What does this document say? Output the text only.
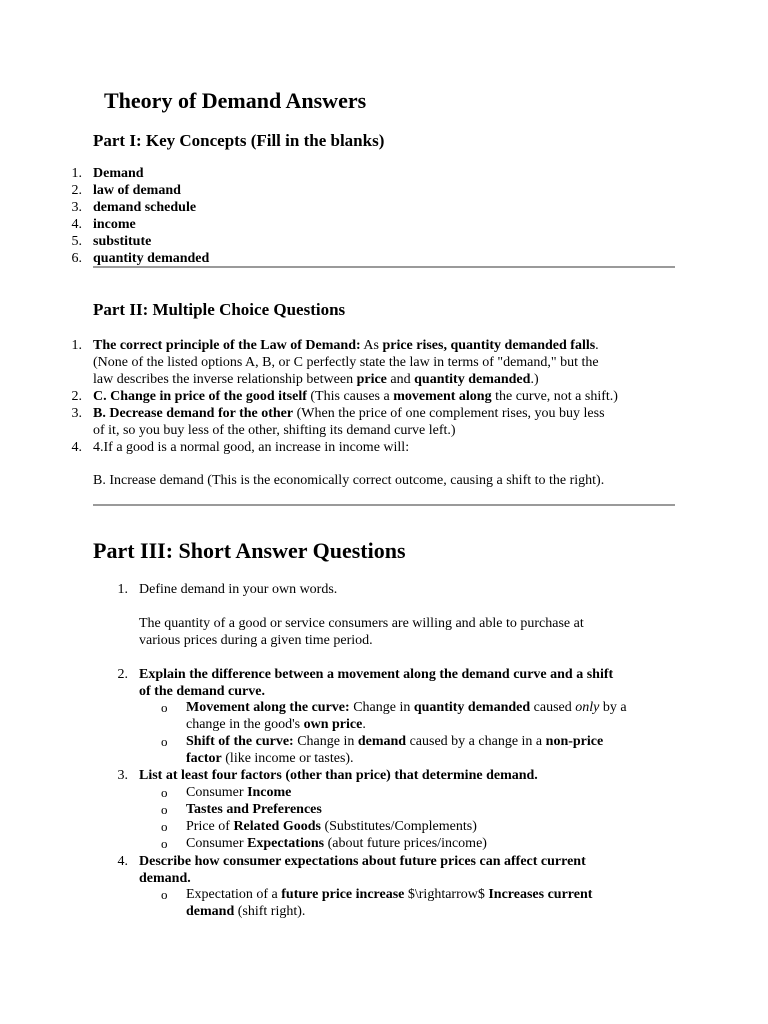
Theory of Demand Answers
Part I: Key Concepts (Fill in the blanks)
1. Demand
2. law of demand
3. demand schedule
4. income
5. substitute
6. quantity demanded
Part II: Multiple Choice Questions
1. The correct principle of the Law of Demand: As price rises, quantity demanded falls.
(None of the listed options A, B, or C perfectly state the law in terms of "demand," but the
law describes the inverse relationship between price and quantity demanded.)
2. C. Change in price of the good itself (This causes a movement along the curve, not a shift.)
3. B. Decrease demand for the other (When the price of one complement rises, you buy less
of it, so you buy less of the other, shifting its demand curve left.)
4. 4.If a good is a normal good, an increase in income will:
B. Increase demand (This is the economically correct outcome, causing a shift to the right).
Part III: Short Answer Questions
1. Define demand in your own words.
The quantity of a good or service consumers are willing and able to purchase at
various prices during a given time period.
2. Explain the difference between a movement along the demand curve and a shift
of the demand curve.
o Movement along the curve: Change in quantity demanded caused only by a
change in the good's own price.
o Shift of the curve: Change in demand caused by a change in a non-price
factor (like income or tastes).
3. List at least four factors (other than price) that determine demand.
o Consumer Income
o Tastes and Preferences
o Price of Related Goods (Substitutes/Complements)
o Consumer Expectations (about future prices/income)
4. Describe how consumer expectations about future prices can affect current
demand.
o Expectation of a future price increase $\rightarrow$ Increases current
demand (shift right).
